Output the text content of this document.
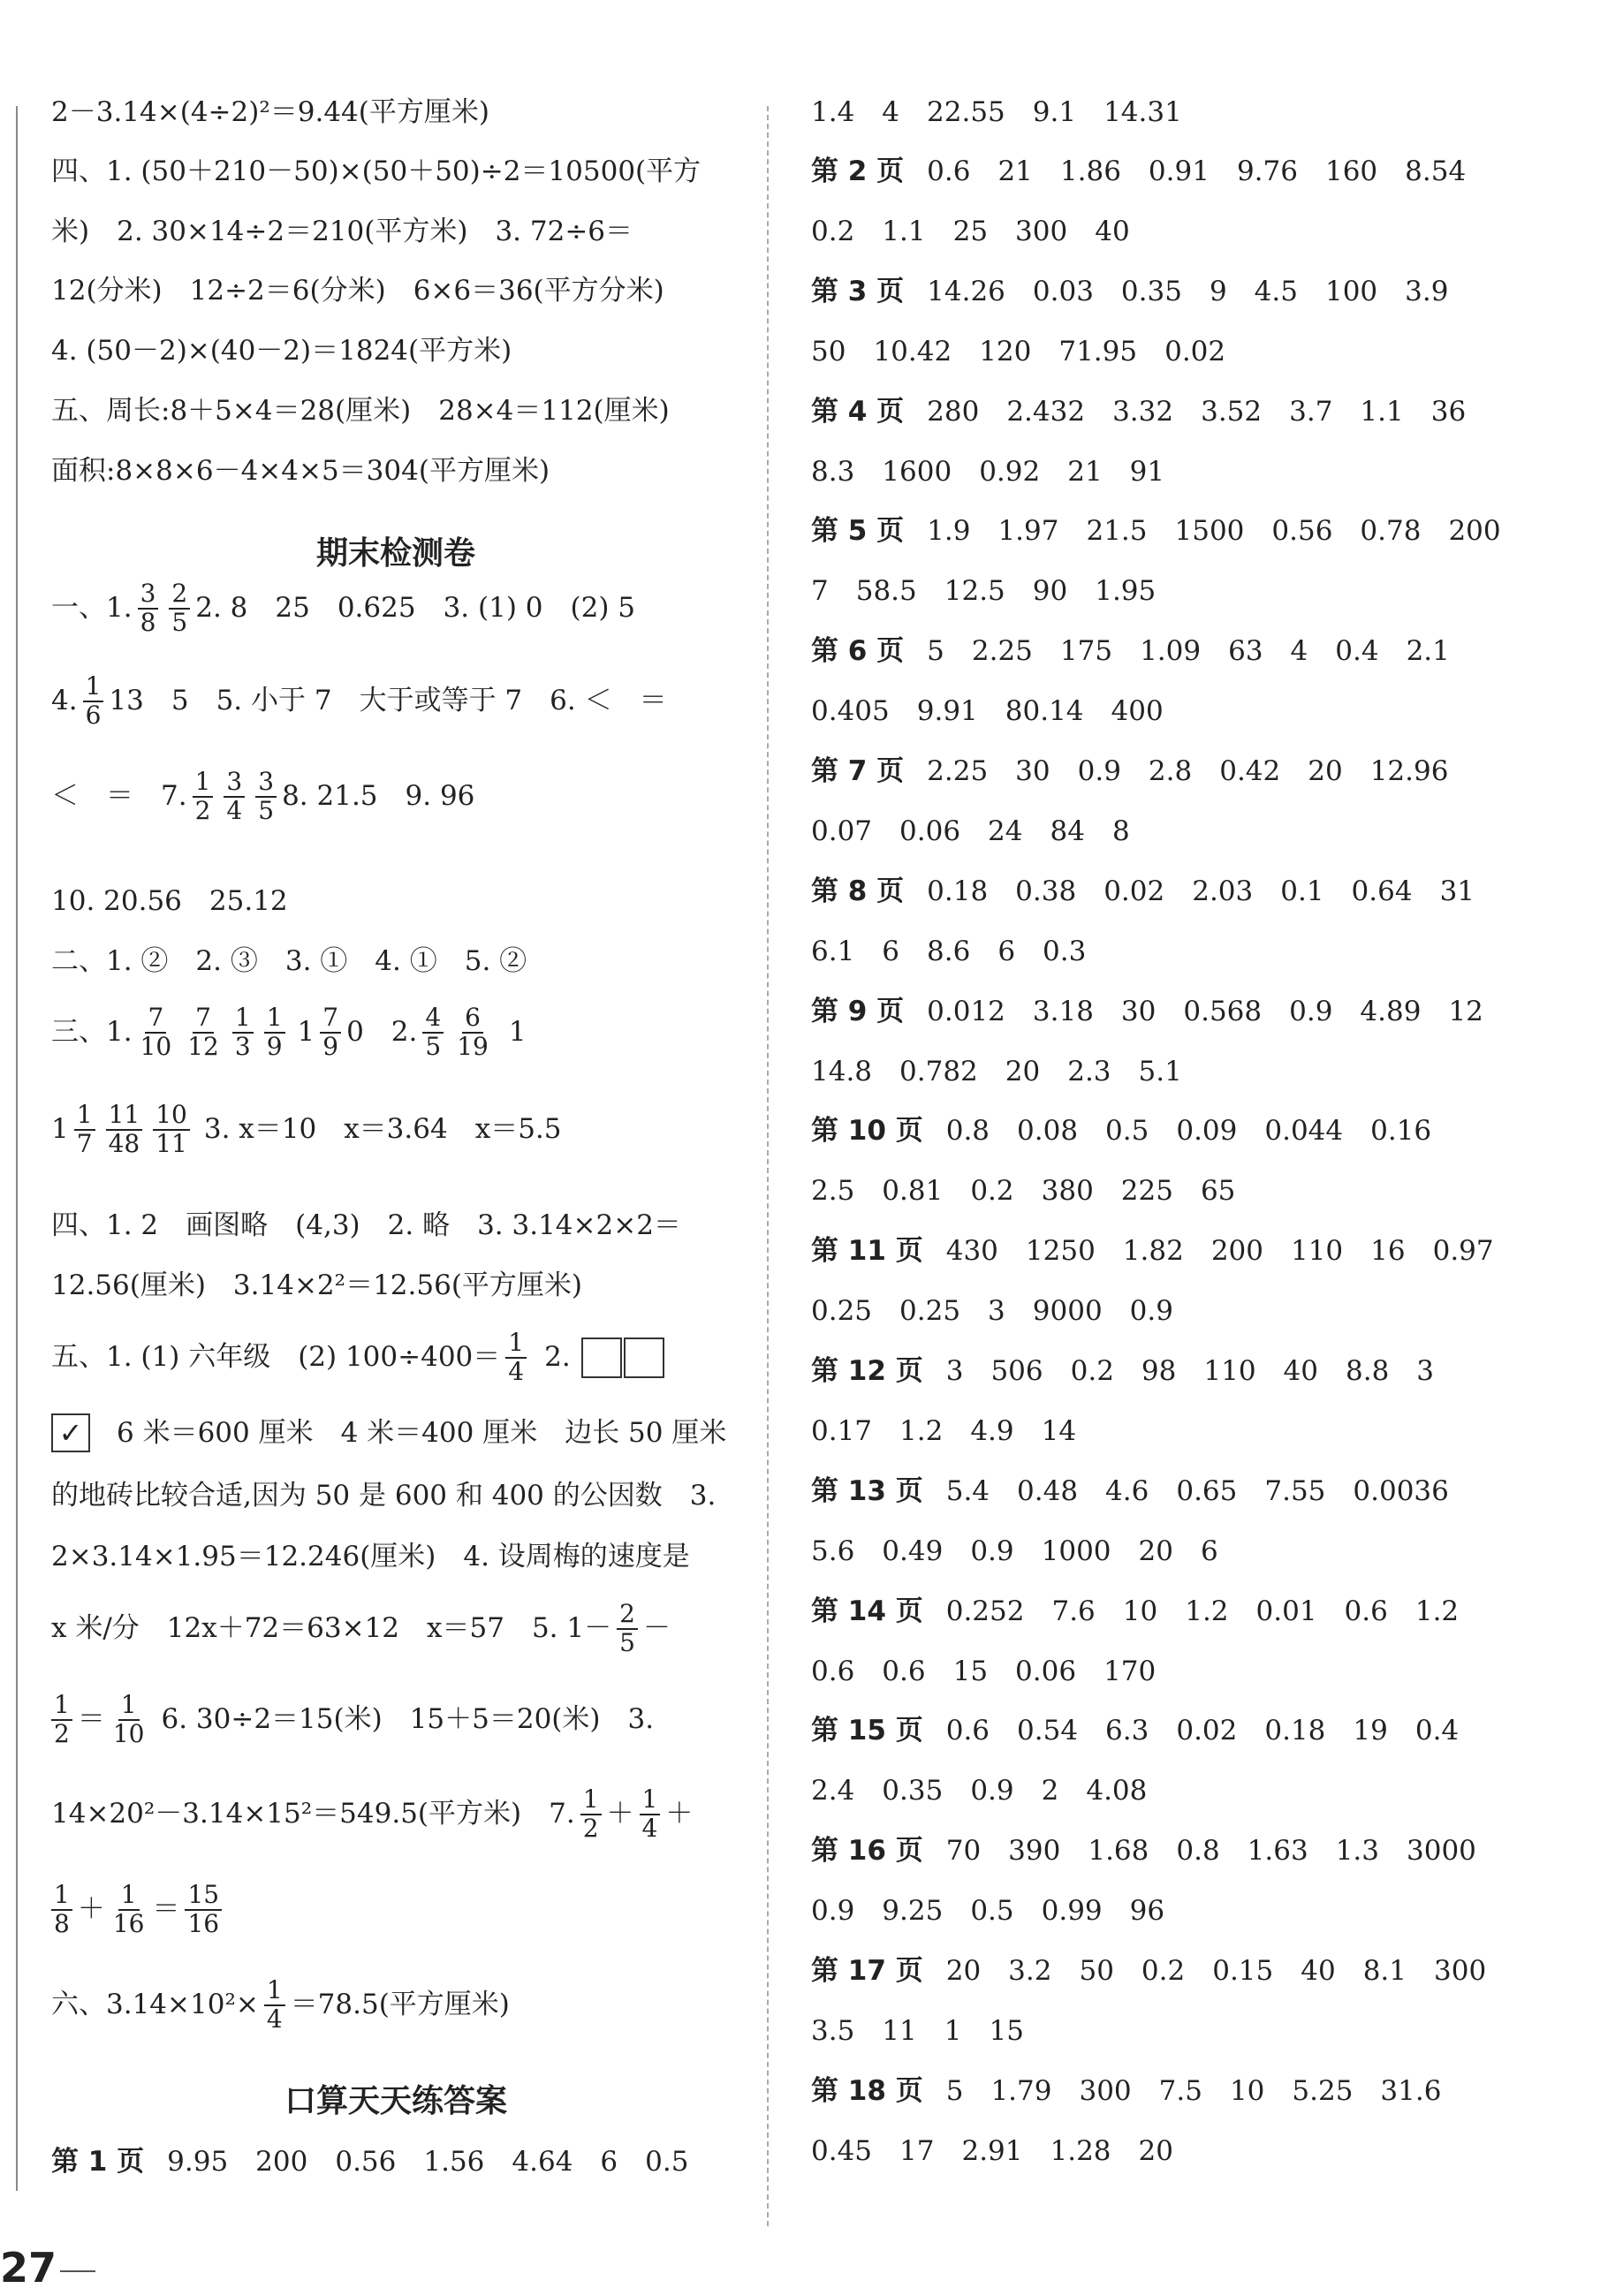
2－3.14×(4÷2)²＝9.44(平方厘米)
四、1. (50＋210－50)×(50＋50)÷2＝10500(平方
米)　2. 30×14÷2＝210(平方米)　3. 72÷6＝
12(分米)　12÷2＝6(分米)　6×6＝36(平方分米)
4. (50－2)×(40－2)＝1824(平方米)
五、周长:8＋5×4＝28(厘米)　28×4＝112(厘米)
面积:8×8×6－4×4×5＝304(平方厘米)
期末检测卷
一、1. $\frac{3}{8} \frac{2}{5} 2$. 8　25　0.625　3. (1) 0　(2) 5
4. $\frac{1}{6} 13$　5　5. 小于 7　大于或等于 7　6. ＜　＝
＜　＝　7. $\frac{1}{2} \frac{3}{4} \frac{3}{5} 8$. 21.5　9. 96
10. 20.56　25.12
二、1. ②　2. ③　3. ①　4. ①　5. ②
三、1. $\frac{7}{10} \frac{7}{12} \frac{1}{3} \frac{1}{9} 1 \frac{7}{9} 0$　2. $\frac{4}{5} \frac{6}{19} 1$
$1 \frac{1}{7} \frac{11}{48} \frac{10}{11} 3$. x＝10　x＝3.64　x＝5.5
四、1. 2　画图略　(4,3)　2. 略　3. 3.14×2×2＝
12.56(厘米)　3.14×2²＝12.56(平方厘米)
五、1. (1) 六年级　(2) $100\div 400= \frac{1}{4} 2$.
✓ 6 米＝600 厘米　4 米＝400 厘米　边长 50 厘米
的地砖比较合适,因为 50 是 600 和 400 的公因数　3.
2×3.14×1.95＝12.246(厘米)　4. 设周梅的速度是
x 米/分　12x＋72＝63×12　x＝57　5. $1- \frac{2}{5}$ －
$\frac{1}{2} = \frac{1}{10} 6$. 30÷2＝15(米)　15＋5＝20(米)　3.
14×20²－3.14×15²＝549.5(平方米)　7. $\frac{1}{2} + \frac{1}{4}$ ＋
$\frac{1}{8} + \frac{1}{16} = \frac{15}{16}$
六、$3.14\times 10^2\times \frac{1}{4} =78.5$(平方厘米)
口算天天练答案
第 1 页 9.95　200　0.56　1.56　4.64　6　0.5
1.4　4　22.55　9.1　14.31
第 2 页 0.6　21　1.86　0.91　9.76　160　8.54
0.2　1.1　25　300　40
第 3 页 14.26　0.03　0.35　9　4.5　100　3.9
50　10.42　120　71.95　0.02
第 4 页 280　2.432　3.32　3.52　3.7　1.1　36
8.3　1600　0.92　21　91
第 5 页 1.9　1.97　21.5　1500　0.56　0.78　200
7　58.5　12.5　90　1.95
第 6 页 5　2.25　175　1.09　63　4　0.4　2.1
0.405　9.91　80.14　400
第 7 页 2.25　30　0.9　2.8　0.42　20　12.96
0.07　0.06　24　84　8
第 8 页 0.18　0.38　0.02　2.03　0.1　0.64　31
6.1　6　8.6　6　0.3
第 9 页 0.012　3.18　30　0.568　0.9　4.89　12
14.8　0.782　20　2.3　5.1
第 10 页 0.8　0.08　0.5　0.09　0.044　0.16
2.5　0.81　0.2　380　225　65
第 11 页 430　1250　1.82　200　110　16　0.97
0.25　0.25　3　9000　0.9
第 12 页 3　506　0.2　98　110　40　8.8　3
0.17　1.2　4.9　14
第 13 页 5.4　0.48　4.6　0.65　7.55　0.0036
5.6　0.49　0.9　1000　20　6
第 14 页 0.252　7.6　10　1.2　0.01　0.6　1.2
0.6　0.6　15　0.06　170
第 15 页 0.6　0.54　6.3　0.02　0.18　19　0.4
2.4　0.35　0.9　2　4.08
第 16 页 70　390　1.68　0.8　1.63　1.3　3000
0.9　9.25　0.5　0.99　96
第 17 页 20　3.2　50　0.2　0.15　40　8.1　300
3.5　11　1　15
第 18 页 5　1.79　300　7.5　10　5.25　31.6
0.45　17　2.91　1.28　20
27
